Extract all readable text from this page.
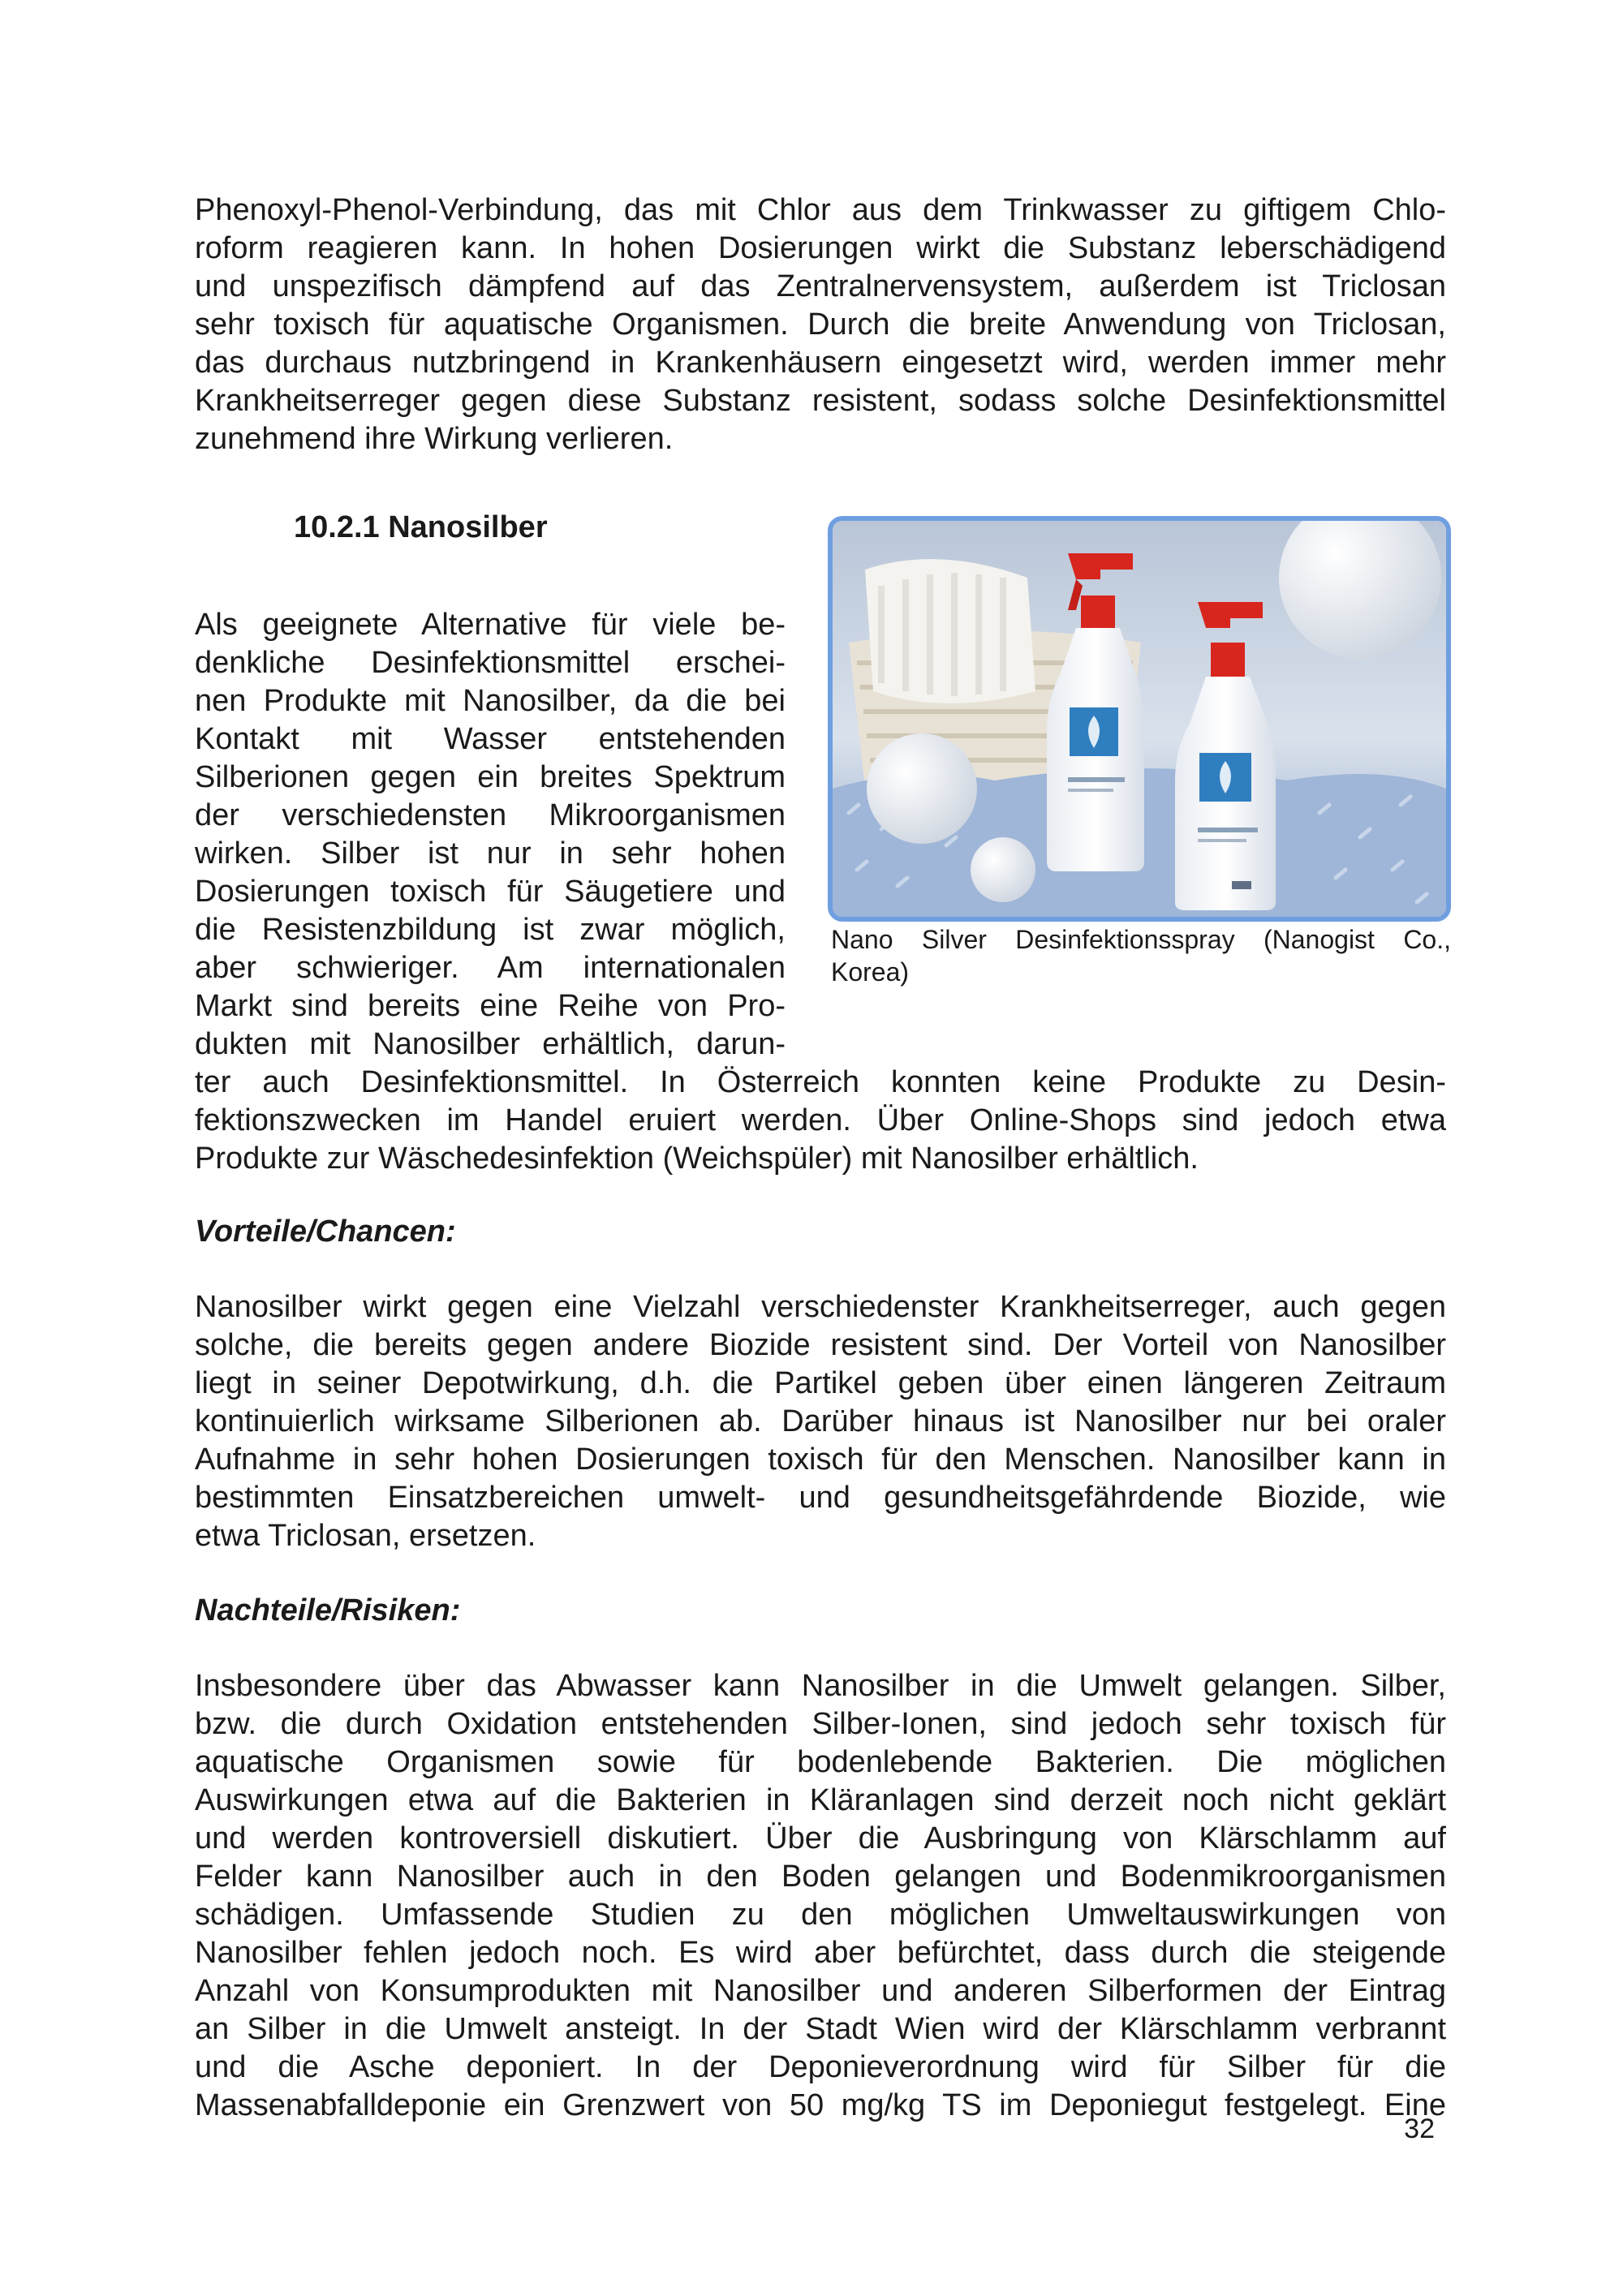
Phenoxyl-Phenol-Verbindung, das mit Chlor aus dem Trinkwasser zu giftigem Chlo-
roform reagieren kann. In hohen Dosierungen wirkt die Substanz leberschädigend
und unspezifisch dämpfend auf das Zentralnervensystem, außerdem ist Triclosan
sehr toxisch für aquatische Organismen. Durch die breite Anwendung von Triclosan,
das durchaus nutzbringend in Krankenhäusern eingesetzt wird, werden immer mehr
Krankheitserreger gegen diese Substanz resistent, sodass solche Desinfektionsmittel
zunehmend ihre Wirkung verlieren.
10.2.1 Nanosilber
Als geeignete Alternative für viele be-
denkliche Desinfektionsmittel erschei-
nen Produkte mit Nanosilber, da die bei
Kontakt mit Wasser entstehenden
Silberionen gegen ein breites Spektrum
der verschiedensten Mikroorganismen
wirken. Silber ist nur in sehr hohen
Dosierungen toxisch für Säugetiere und
die Resistenzbildung ist zwar möglich,
aber schwieriger. Am internationalen
Markt sind bereits eine Reihe von Pro-
dukten mit Nanosilber erhältlich, darun-
ter auch Desinfektionsmittel. In Österreich konnten keine Produkte zu Desin-
fektionszwecken im Handel eruiert werden. Über Online-Shops sind jedoch etwa
Produkte zur Wäschedesinfektion (Weichspüler) mit Nanosilber erhältlich.
Nano Silver Desinfektionsspray (Nanogist Co.,
Korea)
Vorteile/Chancen:
Nanosilber wirkt gegen eine Vielzahl verschiedenster Krankheitserreger, auch gegen
solche, die bereits gegen andere Biozide resistent sind. Der Vorteil von Nanosilber
liegt in seiner Depotwirkung, d.h. die Partikel geben über einen längeren Zeitraum
kontinuierlich wirksame Silberionen ab. Darüber hinaus ist Nanosilber nur bei oraler
Aufnahme in sehr hohen Dosierungen toxisch für den Menschen. Nanosilber kann in
bestimmten Einsatzbereichen umwelt- und gesundheitsgefährdende Biozide, wie
etwa Triclosan, ersetzen.
Nachteile/Risiken:
Insbesondere über das Abwasser kann Nanosilber in die Umwelt gelangen. Silber,
bzw. die durch Oxidation entstehenden Silber-Ionen, sind jedoch sehr toxisch für
aquatische Organismen sowie für bodenlebende Bakterien. Die möglichen
Auswirkungen etwa auf die Bakterien in Kläranlagen sind derzeit noch nicht geklärt
und werden kontroversiell diskutiert. Über die Ausbringung von Klärschlamm auf
Felder kann Nanosilber auch in den Boden gelangen und Bodenmikroorganismen
schädigen. Umfassende Studien zu den möglichen Umweltauswirkungen von
Nanosilber fehlen jedoch noch. Es wird aber befürchtet, dass durch die steigende
Anzahl von Konsumprodukten mit Nanosilber und anderen Silberformen der Eintrag
an Silber in die Umwelt ansteigt. In der Stadt Wien wird der Klärschlamm verbrannt
und die Asche deponiert. In der Deponieverordnung wird für Silber für die
Massenabfalldeponie ein Grenzwert von 50 mg/kg TS im Deponiegut festgelegt. Eine
32
